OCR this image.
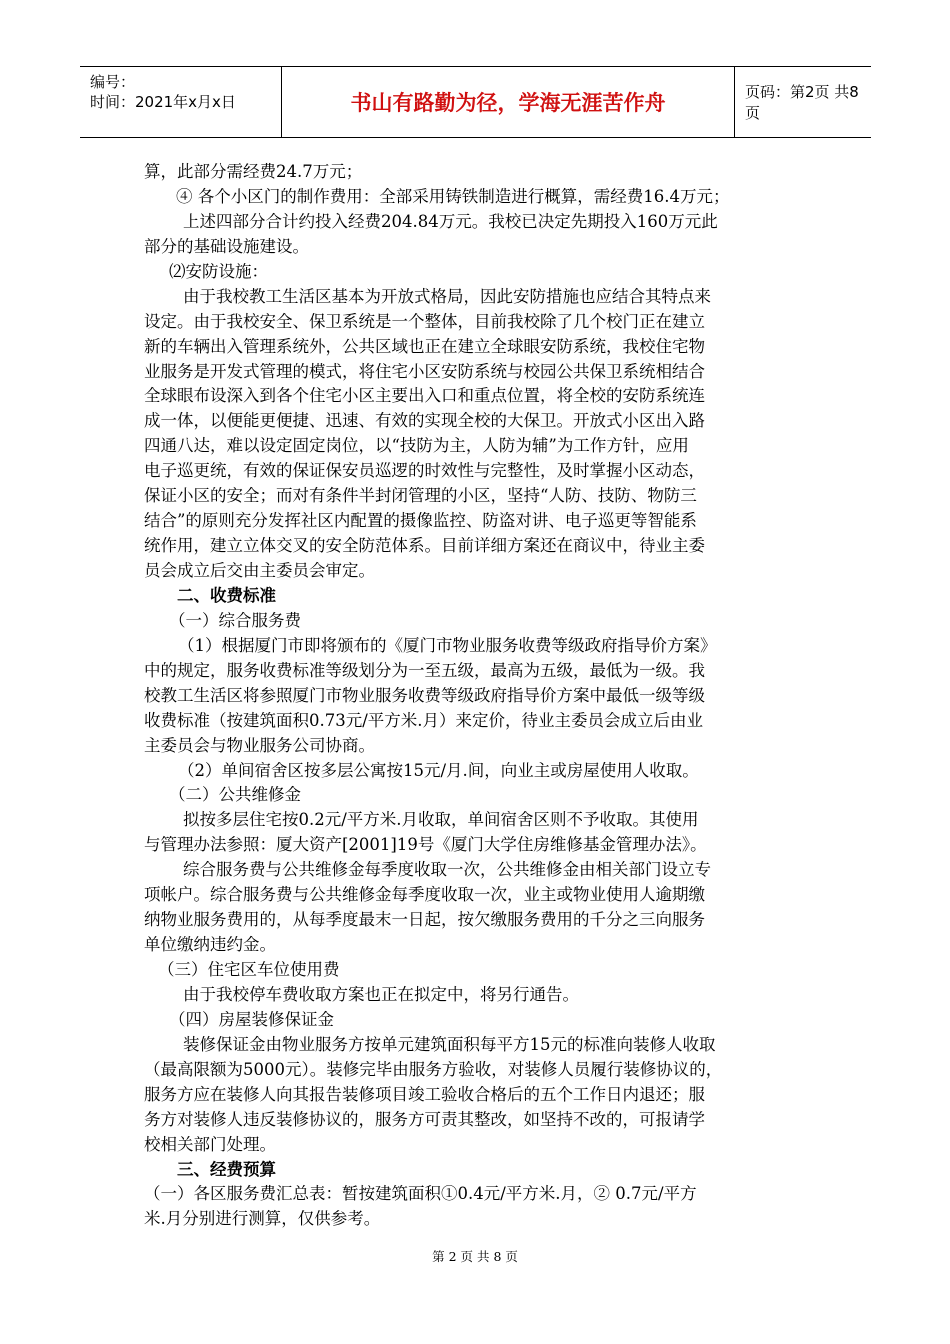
编号：
时间：2021年x月x日	书山有路勤为径，学海无涯苦作舟	页码：第2页 共8页
算，此部分需经费24.7万元；
④ 各个小区门的制作费用：全部采用铸铁制造进行概算，需经费16.4万元；
上述四部分合计约投入经费204.84万元。我校已决定先期投入160万元此
部分的基础设施建设。
⑵安防设施：
由于我校教工生活区基本为开放式格局，因此安防措施也应结合其特点来
设定。由于我校安全、保卫系统是一个整体，目前我校除了几个校门正在建立
新的车辆出入管理系统外，公共区域也正在建立全球眼安防系统，我校住宅物
业服务是开发式管理的模式，将住宅小区安防系统与校园公共保卫系统相结合
全球眼布设深入到各个住宅小区主要出入口和重点位置，将全校的安防系统连
成一体，以便能更便捷、迅速、有效的实现全校的大保卫。开放式小区出入路
四通八达，难以设定固定岗位，以“技防为主，人防为辅”为工作方针，应用
电子巡更统，有效的保证保安员巡逻的时效性与完整性，及时掌握小区动态，
保证小区的安全；而对有条件半封闭管理的小区，坚持“人防、技防、物防三
结合”的原则充分发挥社区内配置的摄像监控、防盗对讲、电子巡更等智能系
统作用，建立立体交叉的安全防范体系。目前详细方案还在商议中，待业主委
员会成立后交由主委员会审定。
二、收费标准
（一）综合服务费
（1）根据厦门市即将颁布的《厦门市物业服务收费等级政府指导价方案》
中的规定，服务收费标准等级划分为一至五级，最高为五级，最低为一级。我
校教工生活区将参照厦门市物业服务收费等级政府指导价方案中最低一级等级
收费标准（按建筑面积0.73元/平方米.月）来定价，待业主委员会成立后由业
主委员会与物业服务公司协商。
（2）单间宿舍区按多层公寓按15元/月.间，向业主或房屋使用人收取。
（二）公共维修金
拟按多层住宅按0.2元/平方米.月收取，单间宿舍区则不予收取。其使用
与管理办法参照：厦大资产[2001]19号《厦门大学住房维修基金管理办法》。
综合服务费与公共维修金每季度收取一次，公共维修金由相关部门设立专
项帐户。综合服务费与公共维修金每季度收取一次，业主或物业使用人逾期缴
纳物业服务费用的，从每季度最末一日起，按欠缴服务费用的千分之三向服务
单位缴纳违约金。
（三）住宅区车位使用费
由于我校停车费收取方案也正在拟定中，将另行通告。
（四）房屋装修保证金
装修保证金由物业服务方按单元建筑面积每平方15元的标准向装修人收取
（最高限额为5000元）。装修完毕由服务方验收，对装修人员履行装修协议的，
服务方应在装修人向其报告装修项目竣工验收合格后的五个工作日内退还；服
务方对装修人违反装修协议的，服务方可责其整改，如坚持不改的，可报请学
校相关部门处理。
三、经费预算
（一）各区服务费汇总表：暂按建筑面积①0.4元/平方米.月，② 0.7元/平方
米.月分别进行测算，仅供参考。
第 2 页 共 8 页
